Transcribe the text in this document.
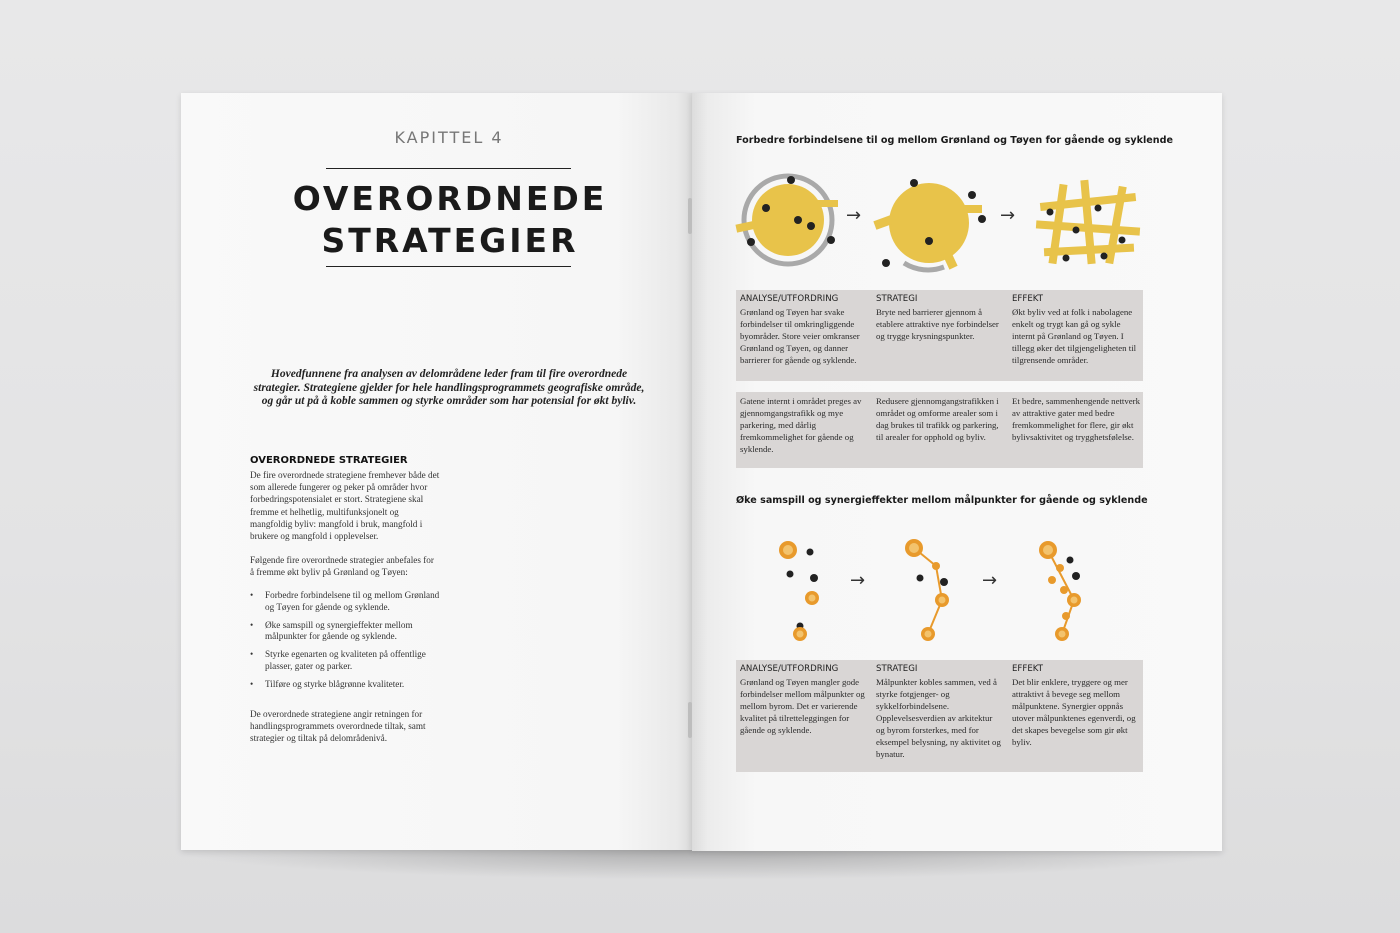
KAPITTEL 4
OVERORDNEDE
STRATEGIER
Hovedfunnene fra analysen av delområdene leder fram til fire overordnede strategier. Strategiene gjelder for hele handlingsprogrammets geografiske område, og går ut på å koble sammen og styrke områder som har potensial for økt byliv.
OVERORDNEDE STRATEGIER
De fire overordnede strategiene fremhever både det som allerede fungerer og peker på områder hvor forbedringspotensialet er stort. Strategiene skal fremme et helhetlig, multifunksjonelt og mangfoldig byliv: mangfold i bruk, mangfold i brukere og mangfold i opplevelser.
Følgende fire overordnede strategier anbefales for å fremme økt byliv på Grønland og Tøyen:
• Forbedre forbindelsene til og mellom Grønland og Tøyen for gående og syklende.
• Øke samspill og synergieffekter mellom målpunkter for gående og syklende.
• Styrke egenarten og kvaliteten på offentlige plasser, gater og parker.
• Tilføre og styrke blågrønne kvaliteter.
De overordnede strategiene angir retningen for handlingsprogrammets overordnede tiltak, samt strategier og tiltak på delområdenivå.
Forbedre forbindelsene til og mellom Grønland og Tøyen for gående og syklende
→	→
ANALYSE/UTFORDRING
Grønland og Tøyen har svake forbindelser til omkringliggende byområder. Store veier omkranser Grønland og Tøyen, og danner barrierer for gående og syklende.
STRATEGI
Bryte ned barrierer gjennom å etablere attraktive nye forbindelser og trygge krysningspunkter.
EFFEKT
Økt byliv ved at folk i nabolagene enkelt og trygt kan gå og sykle internt på Grønland og Tøyen. I tillegg øker det tilgjengeligheten til tilgrensende områder.
Gatene internt i området preges av gjennomgangstrafikk og mye parkering, med dårlig fremkommelighet for gående og syklende.
Redusere gjennomgangstrafikken i området og omforme arealer som i dag brukes til trafikk og parkering, til arealer for opphold og byliv.
Et bedre, sammenhengende nettverk av attraktive gater med bedre fremkommelighet for flere, gir økt bylivsaktivitet og trygghetsfølelse.
Øke samspill og synergieffekter mellom målpunkter for gående og syklende
→	→
ANALYSE/UTFORDRING
Grønland og Tøyen mangler gode forbindelser mellom målpunkter og mellom byrom. Det er varierende kvalitet på tilretteleggingen for gående og syklende.
STRATEGI
Målpunkter kobles sammen, ved å styrke fotgjenger- og sykkelforbindelsene. Opplevelsesverdien av arkitektur og byrom forsterkes, med for eksempel belysning, ny aktivitet og bynatur.
EFFEKT
Det blir enklere, tryggere og mer attraktivt å bevege seg mellom målpunktene. Synergier oppnås utover målpunktenes egenverdi, og det skapes bevegelse som gir økt byliv.
